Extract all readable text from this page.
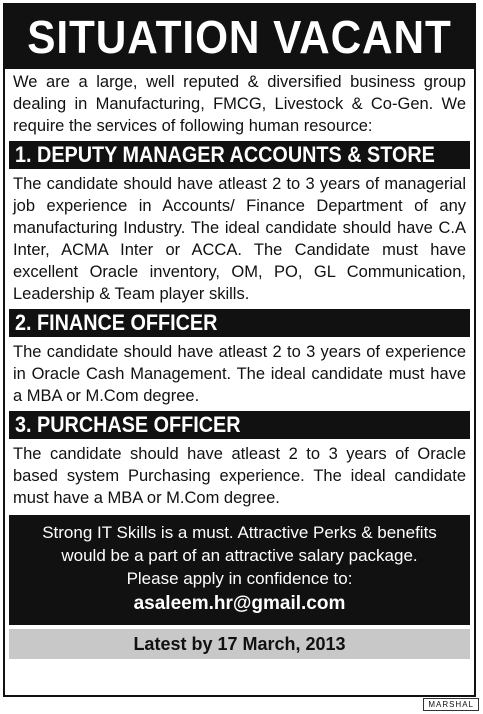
SITUATION VACANT
We are a large, well reputed & diversified business group dealing in Manufacturing, FMCG, Livestock & Co-Gen. We require the services of following human resource:
1. DEPUTY MANAGER ACCOUNTS & STORE
The candidate should have atleast 2 to 3 years of managerial job experience in Accounts/ Finance Department of any manufacturing Industry. The ideal candidate should have C.A Inter, ACMA Inter or ACCA. The Candidate must have excellent Oracle inventory, OM, PO, GL Communication, Leadership & Team player skills.
2. FINANCE OFFICER
The candidate should have atleast 2 to 3 years of experience in Oracle Cash Management. The ideal candidate must have a MBA or M.Com degree.
3. PURCHASE OFFICER
The candidate should have atleast 2 to 3 years of Oracle based system Purchasing experience. The ideal candidate must have a MBA or M.Com degree.
Strong IT Skills is a must. Attractive Perks & benefits
would be a part of an attractive salary package.
Please apply in confidence to:
asaleem.hr@gmail.com
Latest by 17 March, 2013
MARSHAL
